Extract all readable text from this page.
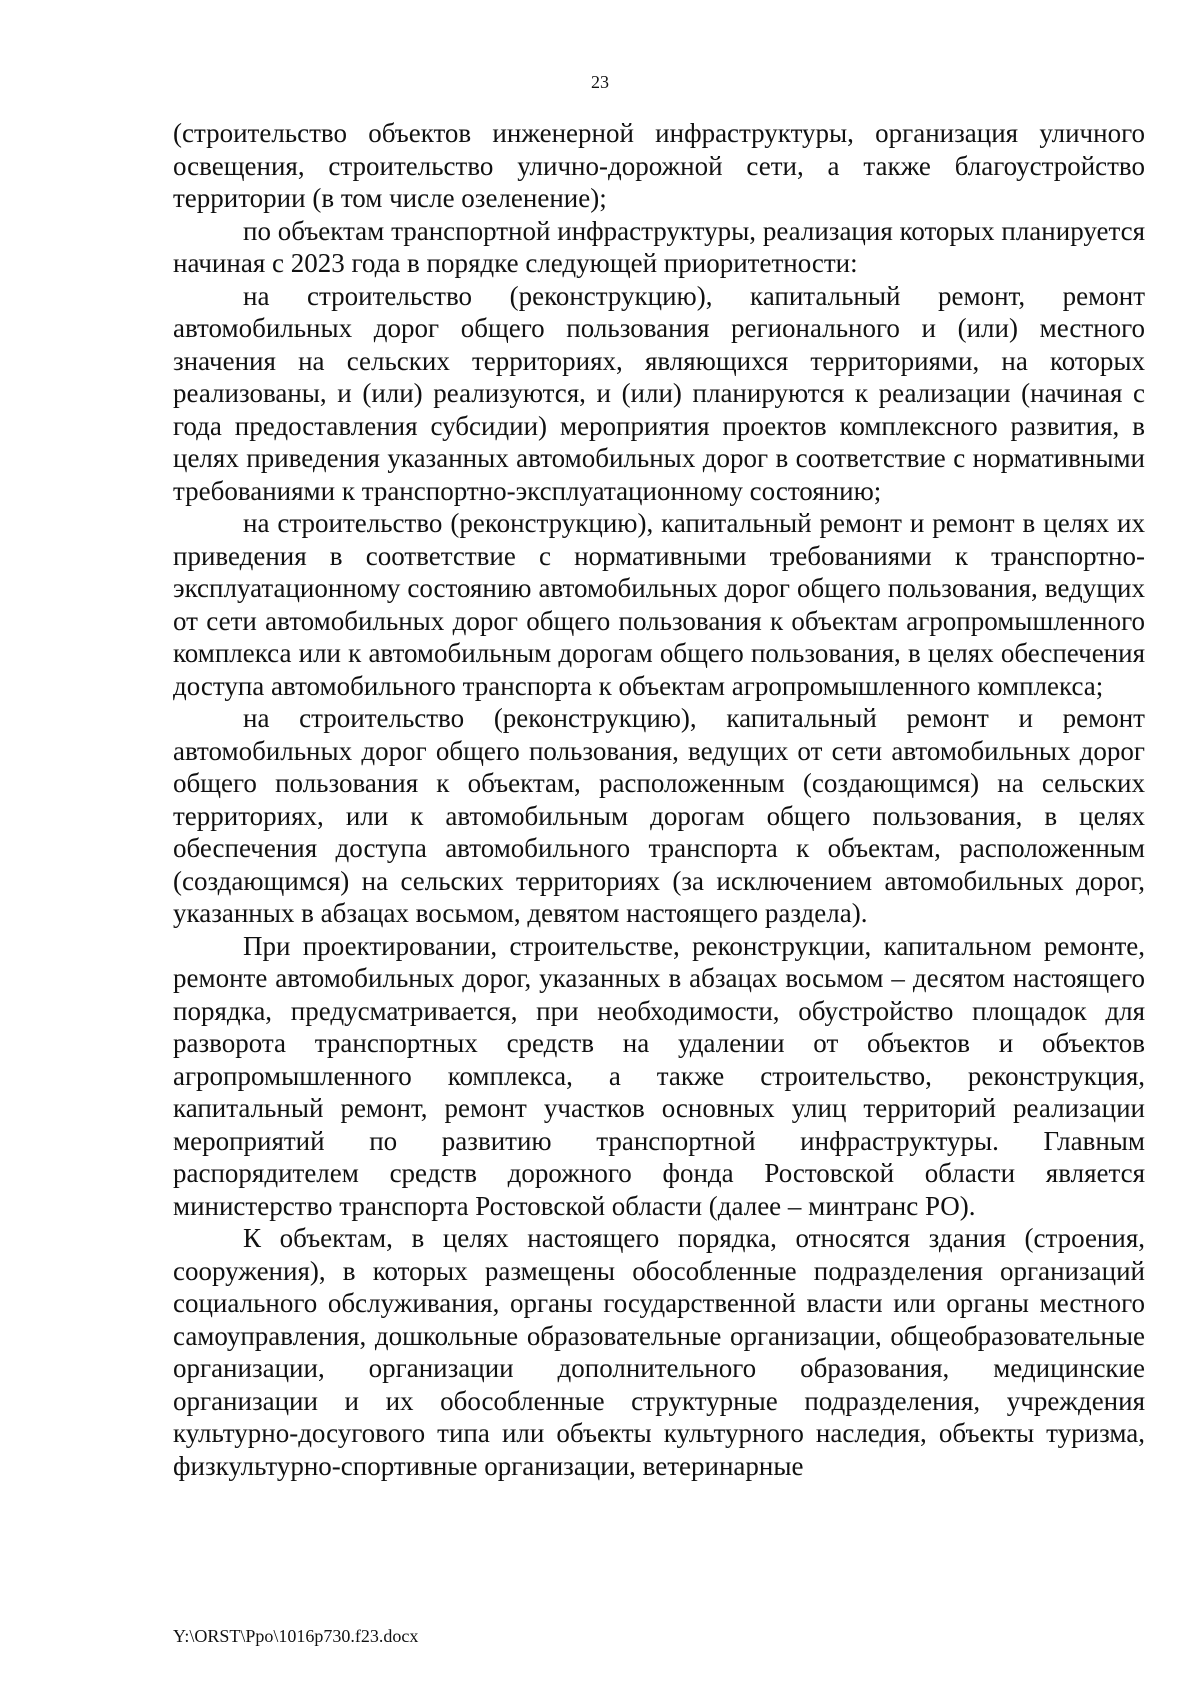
23

(строительство объектов инженерной инфраструктуры, организация уличного освещения, строительство улично-дорожной сети, а также благоустройство территории (в том числе озеленение);

по объектам транспортной инфраструктуры, реализация которых планируется начиная с 2023 года в порядке следующей приоритетности:

на строительство (реконструкцию), капитальный ремонт, ремонт автомобильных дорог общего пользования регионального и (или) местного значения на сельских территориях, являющихся территориями, на которых реализованы, и (или) реализуются, и (или) планируются к реализации (начиная с года предоставления субсидии) мероприятия проектов комплексного развития, в целях приведения указанных автомобильных дорог в соответствие с нормативными требованиями к транспортно-эксплуатационному состоянию;

на строительство (реконструкцию), капитальный ремонт и ремонт в целях их приведения в соответствие с нормативными требованиями к транспортно-эксплуатационному состоянию автомобильных дорог общего пользования, ведущих от сети автомобильных дорог общего пользования к объектам агропромышленного комплекса или к автомобильным дорогам общего пользования, в целях обеспечения доступа автомобильного транспорта к объектам агропромышленного комплекса;

на строительство (реконструкцию), капитальный ремонт и ремонт автомобильных дорог общего пользования, ведущих от сети автомобильных дорог общего пользования к объектам, расположенным (создающимся) на сельских территориях, или к автомобильным дорогам общего пользования, в целях обеспечения доступа автомобильного транспорта к объектам, расположенным (создающимся) на сельских территориях (за исключением автомобильных дорог, указанных в абзацах восьмом, девятом настоящего раздела).

При проектировании, строительстве, реконструкции, капитальном ремонте, ремонте автомобильных дорог, указанных в абзацах восьмом – десятом настоящего порядка, предусматривается, при необходимости, обустройство площадок для разворота транспортных средств на удалении от объектов и объектов агропромышленного комплекса, а также строительство, реконструкция, капитальный ремонт, ремонт участков основных улиц территорий реализации мероприятий по развитию транспортной инфраструктуры. Главным распорядителем средств дорожного фонда Ростовской области является министерство транспорта Ростовской области (далее – минтранс РО).

К объектам, в целях настоящего порядка, относятся здания (строения, сооружения), в которых размещены обособленные подразделения организаций социального обслуживания, органы государственной власти или органы местного самоуправления, дошкольные образовательные организации, общеобразовательные организации, организации дополнительного образования, медицинские организации и их обособленные структурные подразделения, учреждения культурно-досугового типа или объекты культурного наследия, объекты туризма, физкультурно-спортивные организации, ветеринарные

Y:\ORST\Ppo\1016p730.f23.docx
